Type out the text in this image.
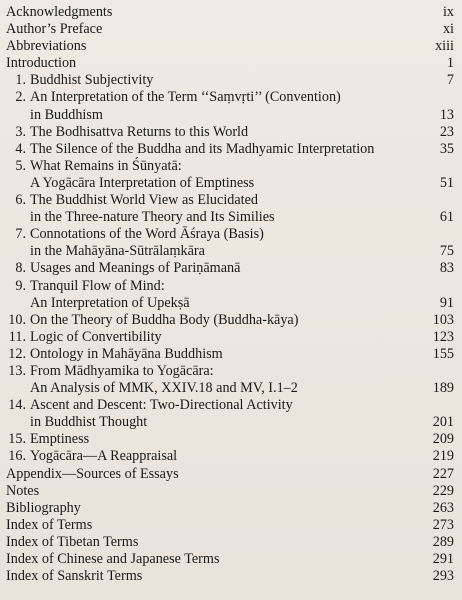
Acknowledgments	ix
Author’s Preface	xi
Abbreviations	xiii
Introduction	1
1. Buddhist Subjectivity	7
2. An Interpretation of the Term ‘‘Saṃvṛti’’ (Convention)
in Buddhism	13
3. The Bodhisattva Returns to this World	23
4. The Silence of the Buddha and its Madhyamic Interpretation	35
5. What Remains in Śūnyatā:
A Yogācāra Interpretation of Emptiness	51
6. The Buddhist World View as Elucidated
in the Three-nature Theory and Its Similies	61
7. Connotations of the Word Āśraya (Basis)
in the Mahāyāna-Sūtrālaṃkāra	75
8. Usages and Meanings of Pariṇāmanā	83
9. Tranquil Flow of Mind:
An Interpretation of Upekṣā	91
10. On the Theory of Buddha Body (Buddha-kāya)	103
11. Logic of Convertibility	123
12. Ontology in Mahāyāna Buddhism	155
13. From Mādhyamika to Yogācāra:
An Analysis of MMK, XXIV.18 and MV, I.1–2	189
14. Ascent and Descent: Two-Directional Activity
in Buddhist Thought	201
15. Emptiness	209
16. Yogācāra—A Reappraisal	219
Appendix—Sources of Essays	227
Notes	229
Bibliography	263
Index of Terms	273
Index of Tibetan Terms	289
Index of Chinese and Japanese Terms	291
Index of Sanskrit Terms	293
